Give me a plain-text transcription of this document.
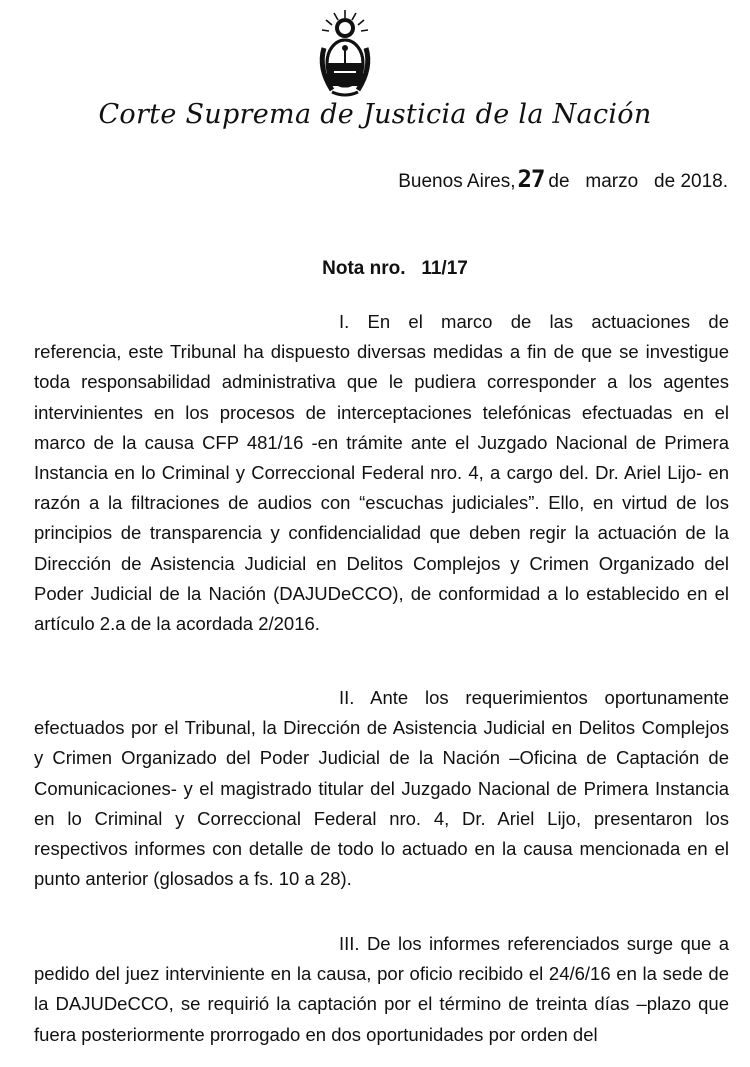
Corte Suprema de Justicia de la Nación
Buenos Aires,27 de marzo de 2018.
Nota nro.   11/17

I. En el marco de las actuaciones de referencia, este Tribunal ha dispuesto diversas medidas a fin de que se investigue toda responsabilidad administrativa que le pudiera corresponder a los agentes intervinientes en los procesos de interceptaciones telefónicas efectuadas en el marco de la causa CFP 481/16 -en trámite ante el Juzgado Nacional de Primera Instancia en lo Criminal y Correccional Federal nro. 4, a cargo del. Dr. Ariel Lijo- en razón a la filtraciones de audios con “escuchas judiciales”. Ello, en virtud de los principios de transparencia y confidencialidad que deben regir la actuación de la Dirección de Asistencia Judicial en Delitos Complejos y Crimen Organizado del Poder Judicial de la Nación (DAJUDeCCO), de conformidad a lo establecido en el artículo 2.a de la acordada 2/2016.

II. Ante los requerimientos oportunamente efectuados por el Tribunal, la Dirección de Asistencia Judicial en Delitos Complejos y Crimen Organizado del Poder Judicial de la Nación –Oficina de Captación de Comunicaciones- y el magistrado titular del Juzgado Nacional de Primera Instancia en lo Criminal y Correccional Federal nro. 4, Dr. Ariel Lijo, presentaron los respectivos informes con detalle de todo lo actuado en la causa mencionada en el punto anterior (glosados a fs. 10 a 28).

III. De los informes referenciados surge que a pedido del juez interviniente en la causa, por oficio recibido el 24/6/16 en la sede de la DAJUDeCCO, se requirió la captación por el término de treinta días –plazo que fuera posteriormente prorrogado en dos oportunidades por orden del
